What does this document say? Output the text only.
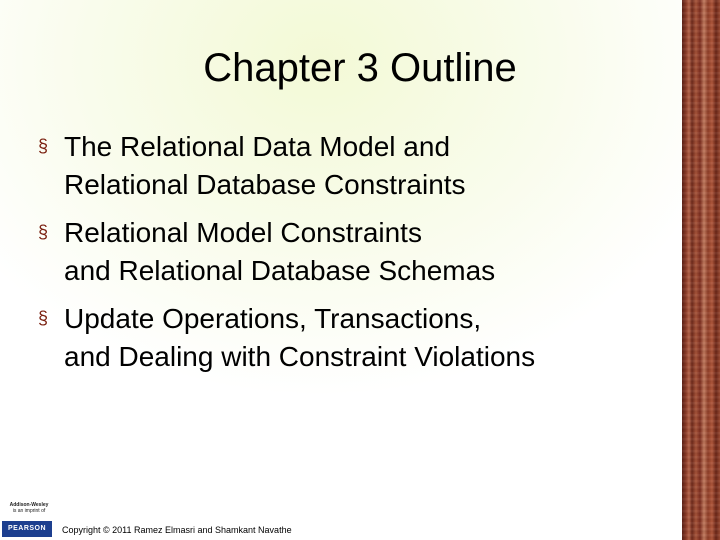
Chapter 3 Outline
§ The Relational Data Model and
Relational Database Constraints
§ Relational Model Constraints
and Relational Database Schemas
§ Update Operations, Transactions,
and Dealing with Constraint Violations
Addison-Wesley
is an imprint of
PEARSON	Copyright © 2011 Ramez Elmasri and Shamkant Navathe
